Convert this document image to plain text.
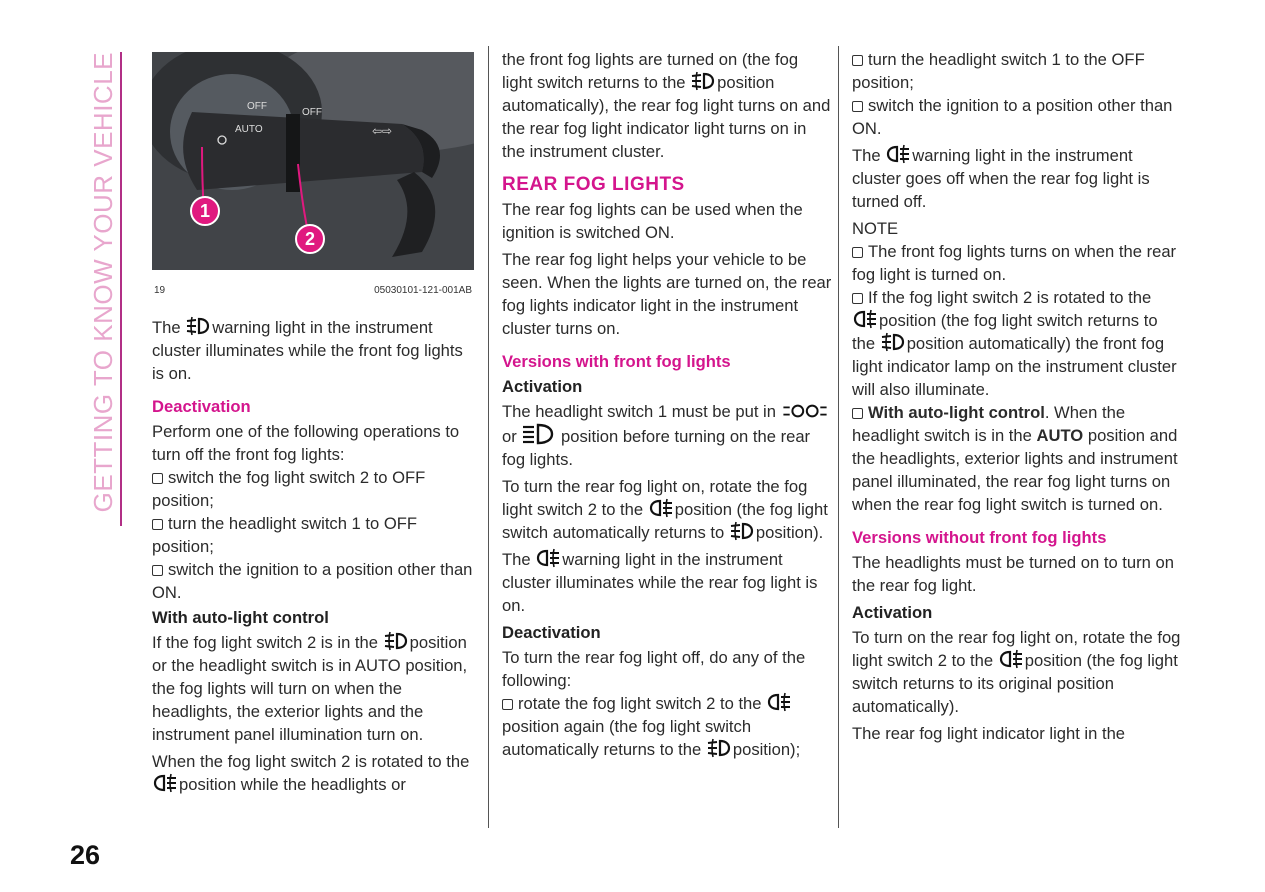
GETTING TO KNOW YOUR VEHICLE	OFF
OFF
AUTO	⇦⇨
1
2
19	05030101-121-001AB

The warning light in the instrument cluster illuminates while the front fog lights is on.

Deactivation

Perform one of the following operations to turn off the front fog lights:

switch the fog light switch 2 to OFF position;
turn the headlight switch 1 to OFF position;
switch the ignition to a position other than ON.
With auto-light control

If the fog light switch 2 is in the position or the headlight switch is in AUTO position, the fog lights will turn on when the headlights, the exterior lights and the instrument panel illumination turn on.

When the fog light switch 2 is rotated to the position while the headlights or

the front fog lights are turned on (the fog light switch returns to the position automatically), the rear fog light turns on and the rear fog light indicator light turns on in the instrument cluster.

REAR FOG LIGHTS

The rear fog lights can be used when the ignition is switched ON.

The rear fog light helps your vehicle to be seen. When the lights are turned on, the rear fog lights indicator light in the instrument cluster turns on.

Versions with front fog lights
Activation

The headlight switch 1 must be put in or	position before turning on the rear fog lights.

To turn the rear fog light on, rotate the fog light switch 2 to the position (the fog light switch automatically returns to position).

The warning light in the instrument cluster illuminates while the rear fog light is on.

Deactivation

To turn the rear fog light off, do any of the following:

rotate the fog light switch 2 to the position again (the fog light switch automatically returns to the position);
turn the headlight switch 1 to the OFF position;
switch the ignition to a position other than ON.

The warning light in the instrument cluster goes off when the rear fog light is turned off.

NOTE
The front fog lights turns on when the rear fog light is turned on.
If the fog light switch 2 is rotated to the position (the fog light switch returns to the position automatically) the front fog light indicator lamp on the instrument cluster will also illuminate.
With auto-light control. When the headlight switch is in the AUTO position and the headlights, exterior lights and instrument panel illuminated, the rear fog light turns on when the rear fog light switch is turned on.
Versions without front fog lights

The headlights must be turned on to turn on the rear fog light.

Activation

To turn on the rear fog light on, rotate the fog light switch 2 to the position (the fog light switch returns to its original position automatically).

The rear fog light indicator light in the

26
